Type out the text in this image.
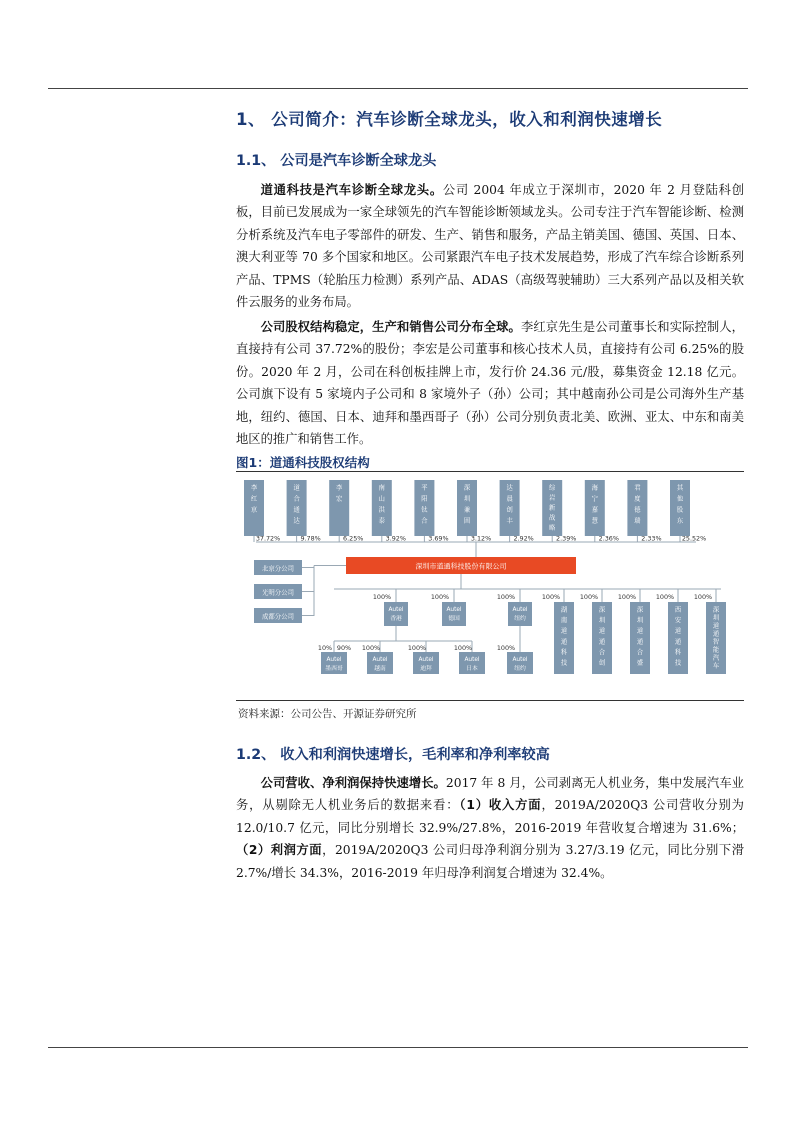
1、 公司简介：汽车诊断全球龙头，收入和利润快速增长
1.1、 公司是汽车诊断全球龙头
道通科技是汽车诊断全球龙头。公司 2004 年成立于深圳市，2020 年 2 月登陆科创板，目前已发展成为一家全球领先的汽车智能诊断领域龙头。公司专注于汽车智能诊断、检测分析系统及汽车电子零部件的研发、生产、销售和服务，产品主销美国、德国、英国、日本、澳大利亚等 70 多个国家和地区。公司紧跟汽车电子技术发展趋势，形成了汽车综合诊断系列产品、TPMS（轮胎压力检测）系列产品、ADAS（高级驾驶辅助）三大系列产品以及相关软件云服务的业务布局。
公司股权结构稳定，生产和销售公司分布全球。李红京先生是公司董事长和实际控制人，直接持有公司 37.72%的股份；李宏是公司董事和核心技术人员，直接持有公司 6.25%的股份。2020 年 2 月，公司在科创板挂牌上市，发行价 24.36 元/股，募集资金 12.18 亿元。公司旗下设有 5 家境内子公司和 8 家境外子（孙）公司；其中越南孙公司是公司海外生产基地，纽约、德国、日本、迪拜和墨西哥子（孙）公司分别负责北美、欧洲、亚太、中东和南美地区的推广和销售工作。
图1：道通科技股权结构
李红京
37.72%
道合通达
9.78%
李宏
6.25%
南山洪泰
3.92%
平阳钛合
3.69%
深圳兼固
3.12%
达晨创丰
2.92%
综岩新战略
2.39%
海宁嘉慧
2.36%
君度德瑞
2.33%
其他股东
25.52%
深圳市道通科技股份有限公司
北京分公司
光明分公司
成都分公司
100%
Autel
香港
100%
Autel
德国
100%
Autel
纽约
100%
湖南道通科技
100%
深圳道通合创
100%
深圳道通合盛
100%
西安道通科技
100%
深圳道通智能汽车
10%
Autel
墨西哥
100%
Autel
越南
100%
Autel
迪拜
100%
Autel
日本
90%	100%
Autel
纽约
资料来源：公司公告、开源证券研究所
1.2、 收入和利润快速增长，毛利率和净利率较高
公司营收、净利润保持快速增长。2017 年 8 月，公司剥离无人机业务，集中发展汽车业务，从剔除无人机业务后的数据来看：（1）收入方面，2019A/2020Q3 公司营收分别为 12.0/10.7 亿元，同比分别增长 32.9%/27.8%，2016-2019 年营收复合增速为 31.6%；（2）利润方面，2019A/2020Q3 公司归母净利润分别为 3.27/3.19 亿元，同比分别下滑 2.7%/增长 34.3%，2016-2019 年归母净利润复合增速为 32.4%。
